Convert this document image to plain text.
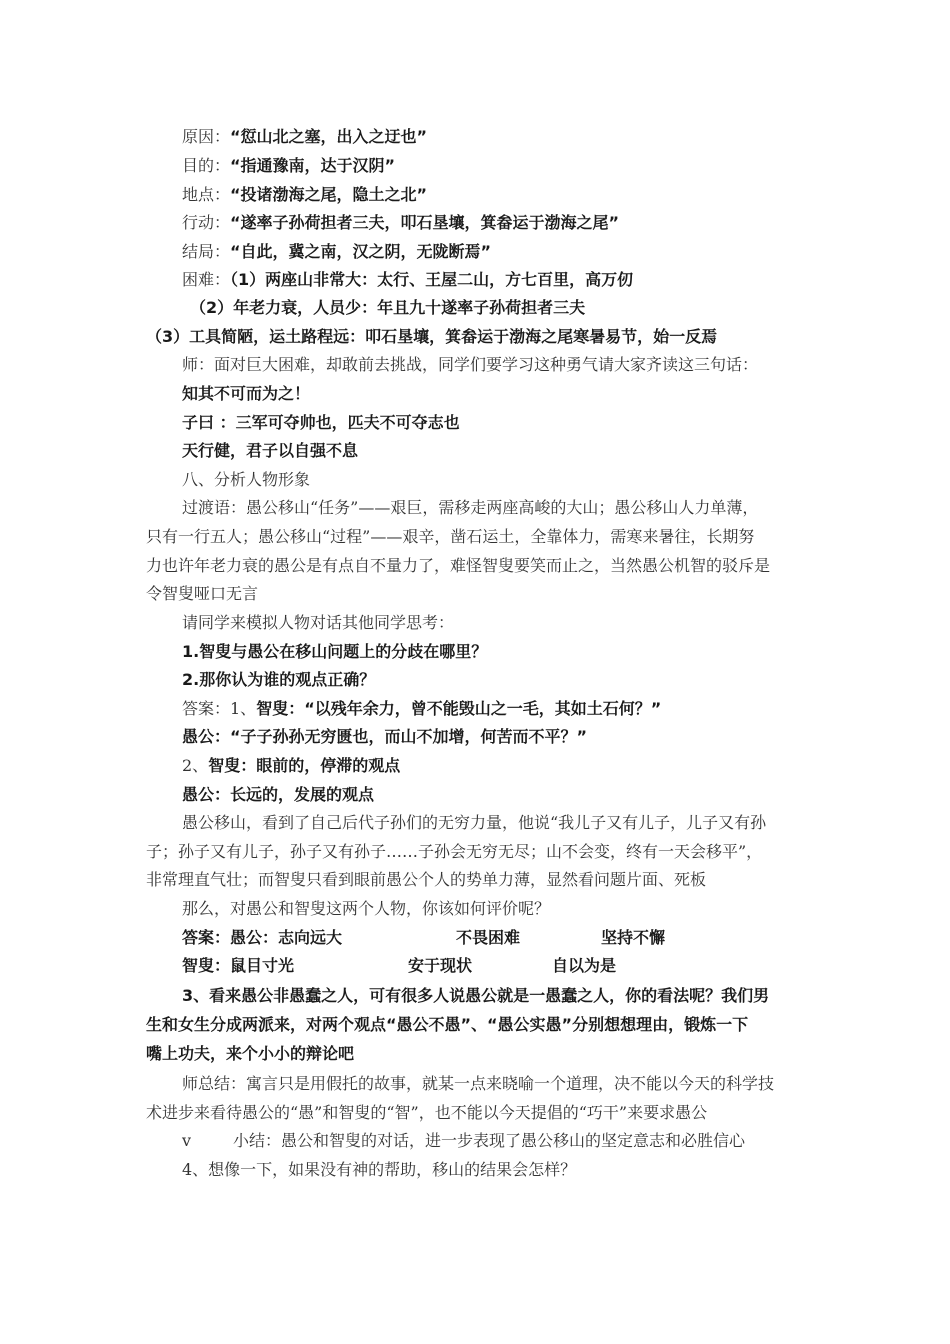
原因：“愆山北之塞，出入之迂也”
目的：“指通豫南，达于汉阴”
地点：“投诸渤海之尾，隐土之北”
行动：“遂率子孙荷担者三夫，叩石垦壤，箕畚运于渤海之尾”
结局：“自此，冀之南，汉之阴，无陇断焉”
困难：（1）两座山非常大：太行、王屋二山，方七百里，高万仞
（2）年老力衰，人员少：年且九十遂率子孙荷担者三夫
（3）工具简陋，运土路程远：叩石垦壤，箕畚运于渤海之尾寒暑易节，始一反焉
师：面对巨大困难，却敢前去挑战，同学们要学习这种勇气请大家齐读这三句话：
知其不可而为之！
子曰 ：三军可夺帅也，匹夫不可夺志也
天行健，君子以自强不息
八、分析人物形象
过渡语：愚公移山“任务”——艰巨，需移走两座高峻的大山；愚公移山人力单薄，
只有一行五人；愚公移山“过程”——艰辛，凿石运土，全靠体力，需寒来暑往，长期努
力也许年老力衰的愚公是有点自不量力了，难怪智叟要笑而止之，当然愚公机智的驳斥是
令智叟哑口无言
请同学来模拟人物对话其他同学思考：
1.智叟与愚公在移山问题上的分歧在哪里？
2.那你认为谁的观点正确？
答案：1、智叟：“以残年余力，曾不能毁山之一毛，其如土石何？”
愚公：“子子孙孙无穷匮也，而山不加增，何苦而不平？”
2、智叟：眼前的，停滞的观点
愚公：长远的，发展的观点
愚公移山，看到了自己后代子孙们的无穷力量，他说“我儿子又有儿子，儿子又有孙
子；孙子又有儿子，孙子又有孙子……子孙会无穷无尽；山不会变，终有一天会移平”，
非常理直气壮；而智叟只看到眼前愚公个人的势单力薄，显然看问题片面、死板
那么，对愚公和智叟这两个人物，你该如何评价呢？
答案：愚公：志向远大	不畏困难	坚持不懈
智叟：鼠目寸光	安于现状	自以为是
3、看来愚公非愚蠢之人，可有很多人说愚公就是一愚蠢之人，你的看法呢？我们男
生和女生分成两派来，对两个观点“愚公不愚”、“愚公实愚”分别想想理由，锻炼一下
嘴上功夫，来个小小的辩论吧
师总结：寓言只是用假托的故事，就某一点来晓喻一个道理，决不能以今天的科学技
术进步来看待愚公的“愚”和智叟的“智”，也不能以今天提倡的“巧干”来要求愚公
v	小结：愚公和智叟的对话，进一步表现了愚公移山的坚定意志和必胜信心
4、想像一下，如果没有神的帮助，移山的结果会怎样？
